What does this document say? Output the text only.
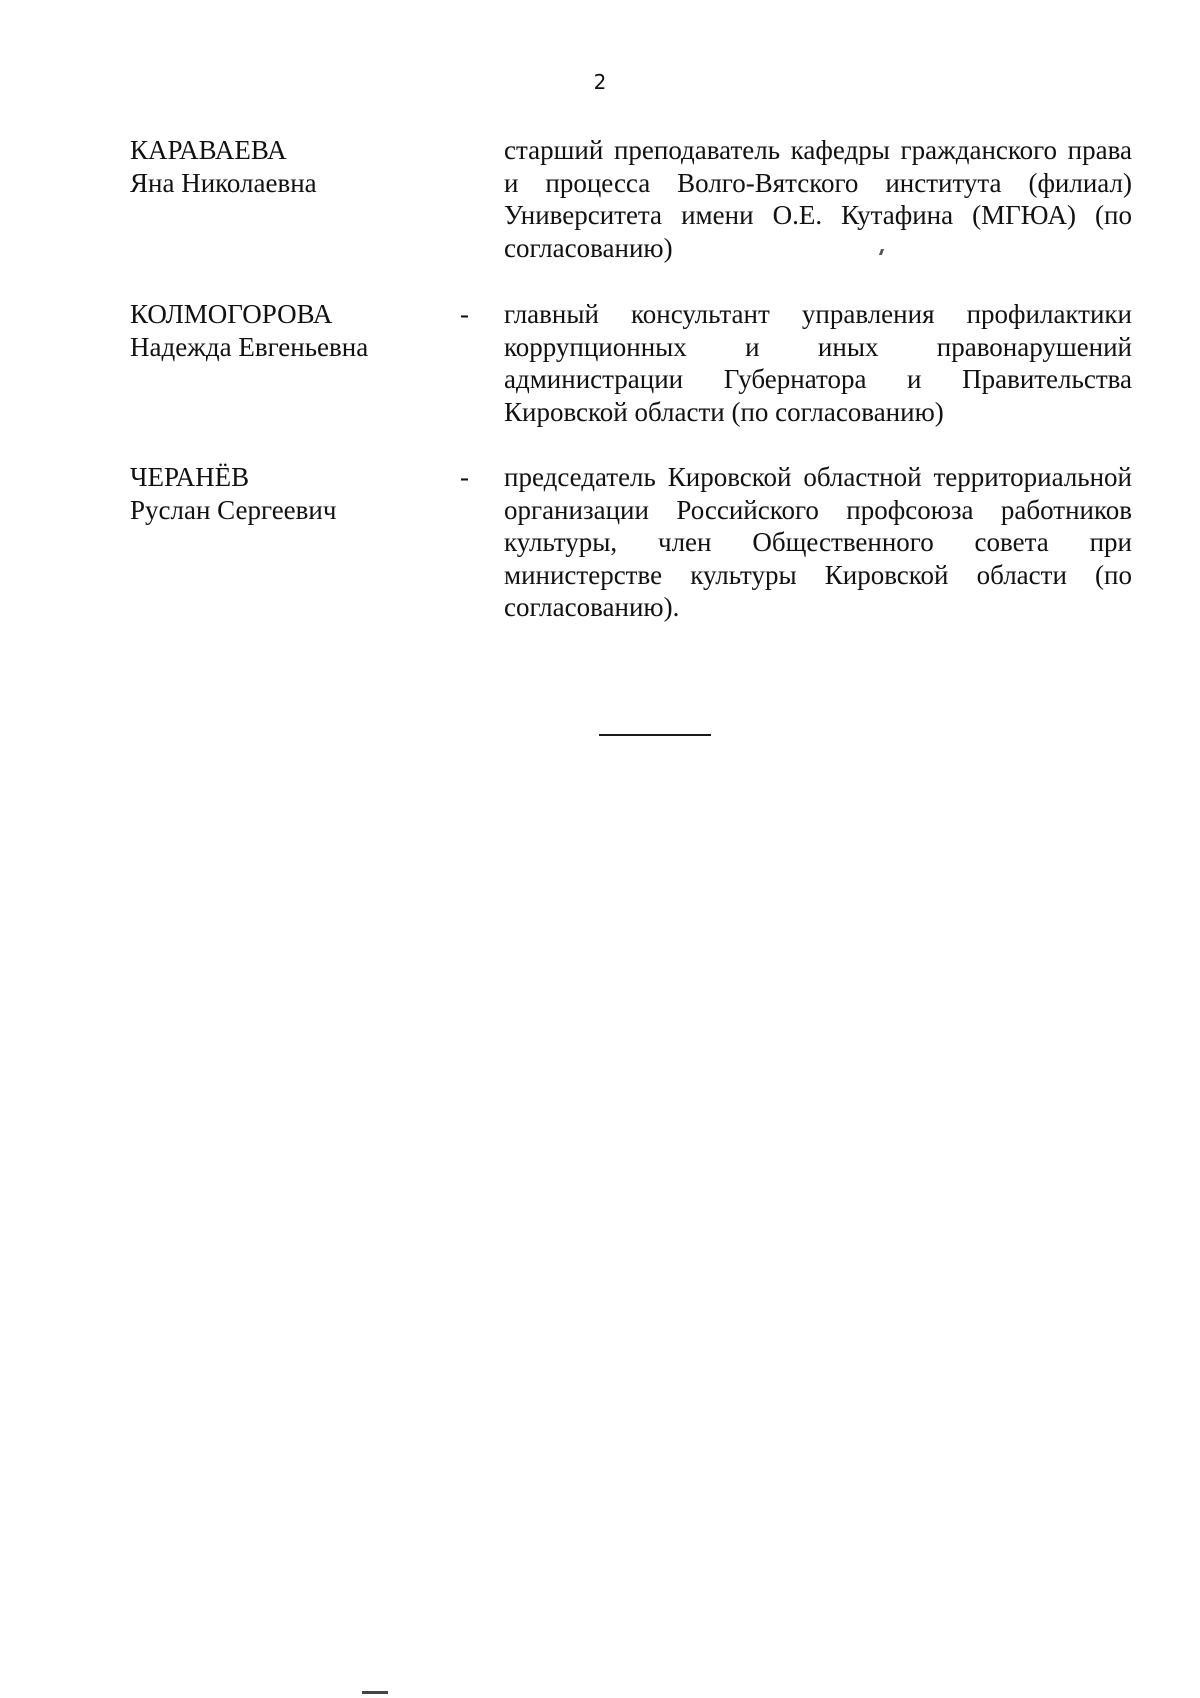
2
КАРАВАЕВА
Яна Николаевна
старший преподаватель кафедры гражданского права и процесса Волго-Вятского института (филиал) Университета имени О.Е. Кутафина (МГЮА) (по согласованию)
КОЛМОГОРОВА
Надежда Евгеньевна
- главный консультант управления профилактики коррупционных и иных правонарушений администрации Губернатора и Правительства Кировской области (по согласованию)
ЧЕРАНЁВ
Руслан Сергеевич
- председатель Кировской областной территориальной организации Российского профсоюза работников культуры, член Общественного совета при министерстве культуры Кировской области (по согласованию).
